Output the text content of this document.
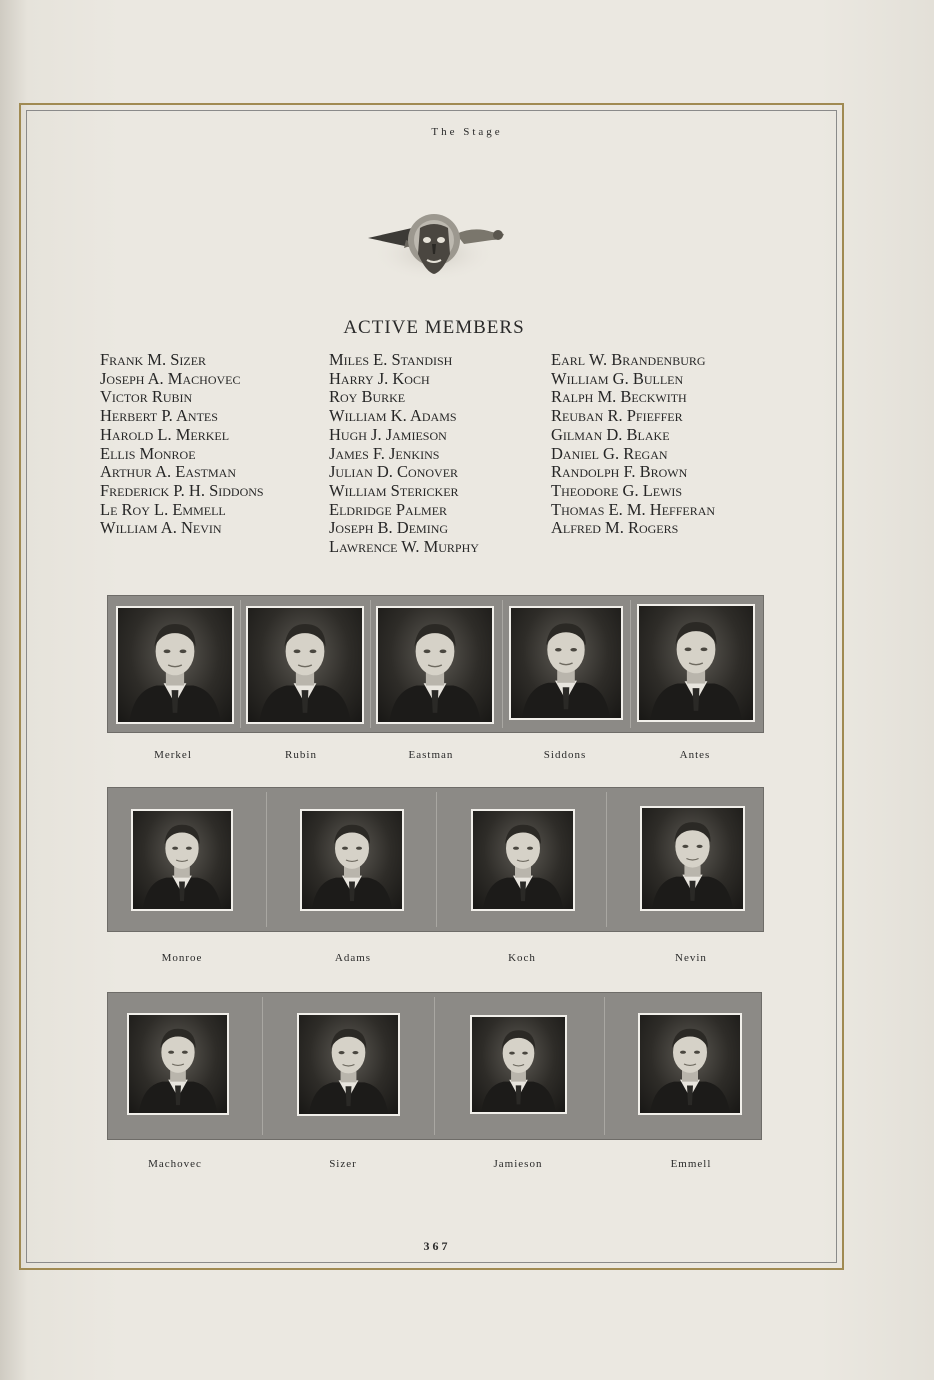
The Stage
ACTIVE MEMBERS
Frank M. Sizer
Joseph A. Machovec
Victor Rubin
Herbert P. Antes
Harold L. Merkel
Ellis Monroe
Arthur A. Eastman
Frederick P. H. Siddons
Le Roy L. Emmell
William A. Nevin
Miles E. Standish
Harry J. Koch
Roy Burke
William K. Adams
Hugh J. Jamieson
James F. Jenkins
Julian D. Conover
William Stericker
Eldridge Palmer
Joseph B. Deming
Lawrence W. Murphy
Earl W. Brandenburg
William G. Bullen
Ralph M. Beckwith
Reuban R. Pfieffer
Gilman D. Blake
Daniel G. Regan
Randolph F. Brown
Theodore G. Lewis
Thomas E. M. Hefferan
Alfred M. Rogers
Merkel	Rubin	Eastman	Siddons	Antes
Monroe	Adams	Koch	Nevin
Machovec	Sizer	Jamieson	Emmell
367
